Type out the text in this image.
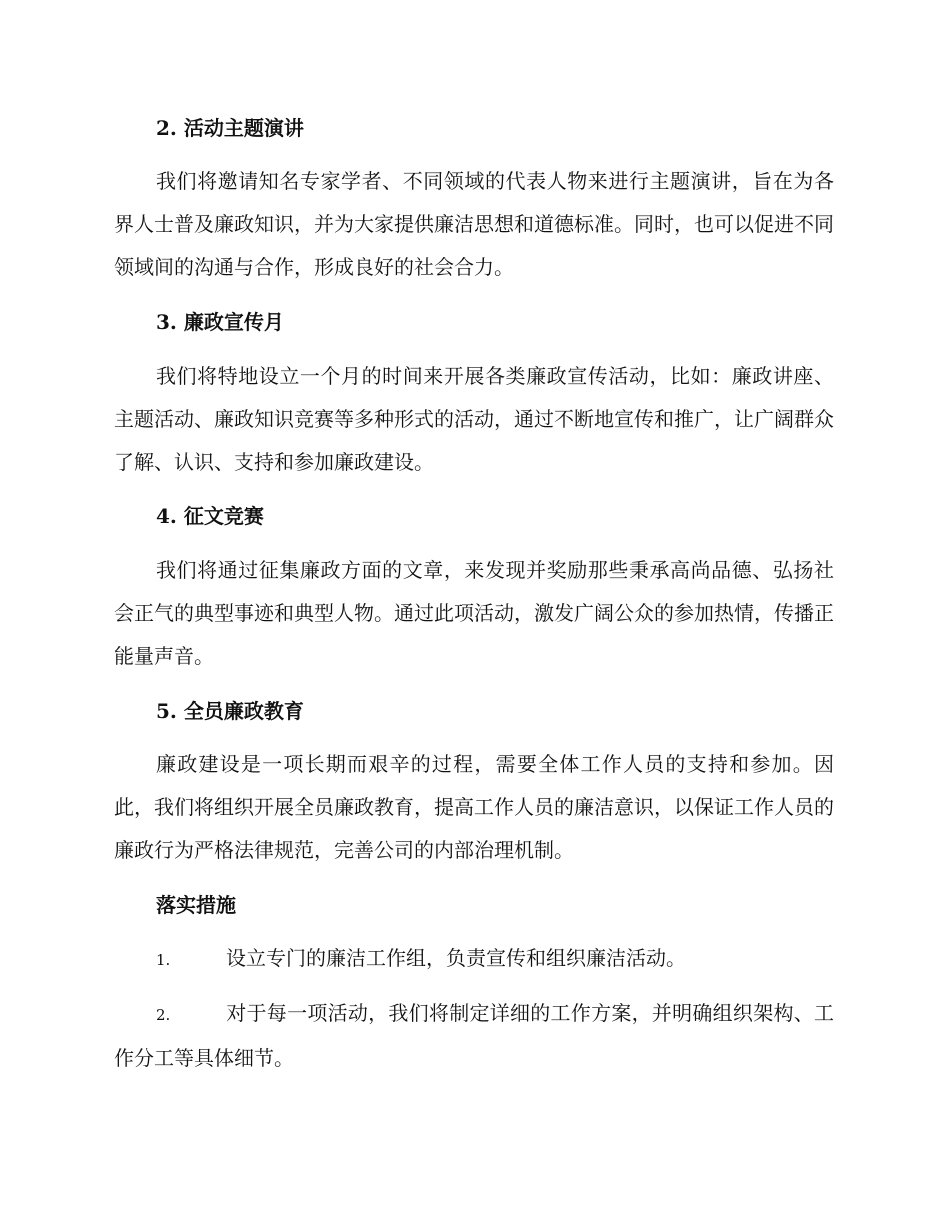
2. 活动主题演讲
我们将邀请知名专家学者、不同领域的代表人物来进行主题演讲，旨在为各界人士普及廉政知识，并为大家提供廉洁思想和道德标准。同时，也可以促进不同领域间的沟通与合作，形成良好的社会合力。
3. 廉政宣传月
我们将特地设立一个月的时间来开展各类廉政宣传活动，比如：廉政讲座、主题活动、廉政知识竞赛等多种形式的活动，通过不断地宣传和推广，让广阔群众了解、认识、支持和参加廉政建设。
4. 征文竞赛
我们将通过征集廉政方面的文章，来发现并奖励那些秉承高尚品德、弘扬社会正气的典型事迹和典型人物。通过此项活动，激发广阔公众的参加热情，传播正能量声音。
5. 全员廉政教育
廉政建设是一项长期而艰辛的过程，需要全体工作人员的支持和参加。因此，我们将组织开展全员廉政教育，提高工作人员的廉洁意识，以保证工作人员的廉政行为严格法律规范，完善公司的内部治理机制。
落实措施
1.	设立专门的廉洁工作组，负责宣传和组织廉洁活动。
2.	对于每一项活动，我们将制定详细的工作方案，并明确组织架构、工作分工等具体细节。
